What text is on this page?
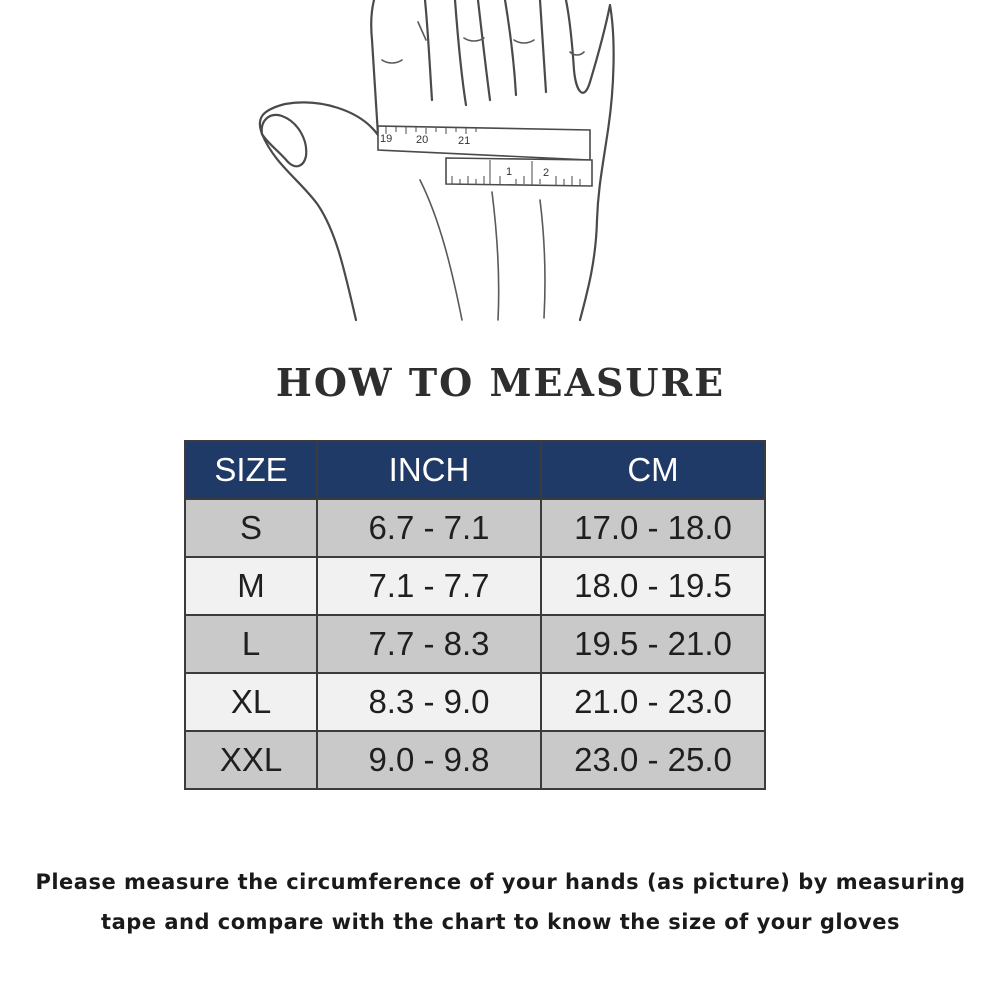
19 20	21
1	2
HOW TO MEASURE
SIZE	INCH	CM
S	6.7 - 7.1	17.0 - 18.0
M	7.1 - 7.7	18.0 - 19.5
L	7.7 - 8.3	19.5 - 21.0
XL	8.3 - 9.0	21.0 - 23.0
XXL	9.0 - 9.8	23.0 - 25.0
Please measure the circumference of your hands (as picture) by measuring
tape and compare with the chart to know the size of your gloves
